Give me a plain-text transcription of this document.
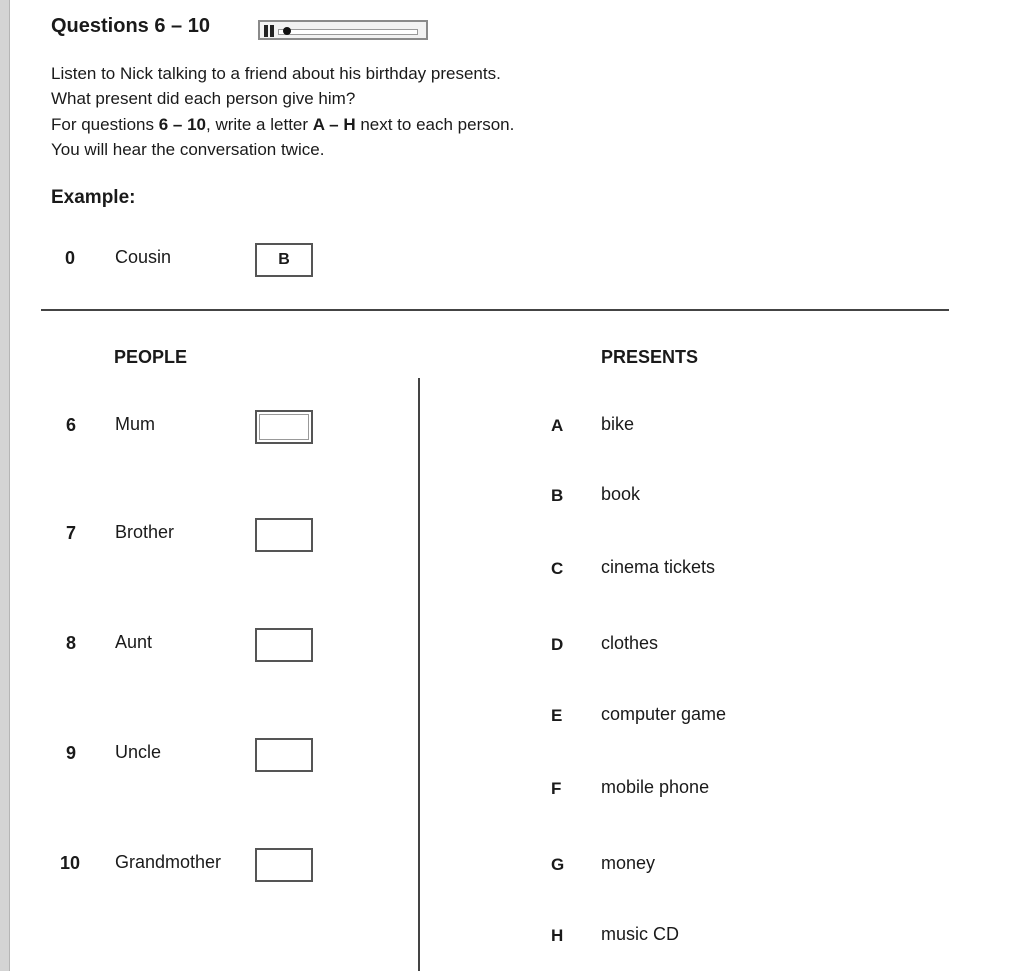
Questions 6 – 10
Listen to Nick talking to a friend about his birthday presents.
What present did each person give him?
For questions 6 – 10, write a letter A – H next to each person.
You will hear the conversation twice.
Example:
0 Cousin	B
PEOPLE	PRESENTS
6 Mum
7 Brother
8 Aunt
9 Uncle
10 Grandmother
A bike
B book
C cinema tickets
D clothes
E computer game
F mobile phone
G money
H music CD
